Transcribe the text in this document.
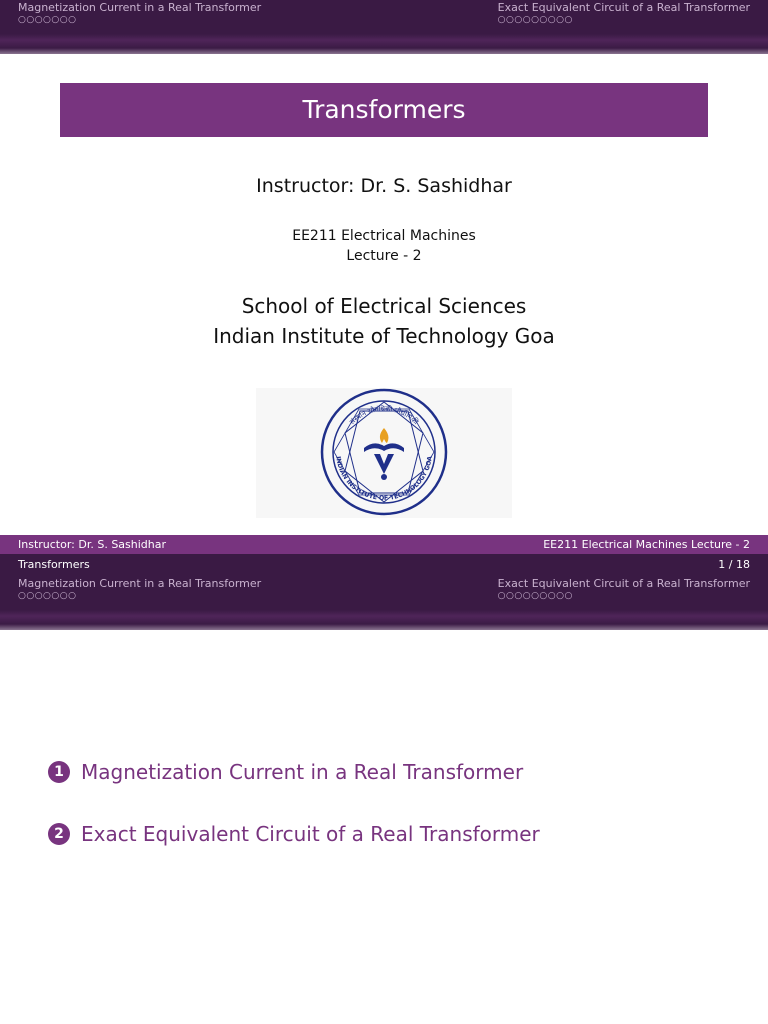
Magnetization Current in a Real Transformer
○○○○○○○
Exact Equivalent Circuit of a Real Transformer
○○○○○○○○○
Transformers
Instructor: Dr. S. Sashidhar
EE211 Electrical Machines
Lecture - 2
School of Electrical Sciences
Indian Institute of Technology Goa
संस्थान सौगंधिकी प्रौद्योगिकी
INDIAN INSTITUTE OF TECHNOLOGY GOA
Instructor: Dr. S. Sashidhar	EE211 Electrical Machines Lecture - 2
Transformers	1 / 18
Magnetization Current in a Real Transformer
○○○○○○○
Exact Equivalent Circuit of a Real Transformer
○○○○○○○○○
1 Magnetization Current in a Real Transformer
2 Exact Equivalent Circuit of a Real Transformer
